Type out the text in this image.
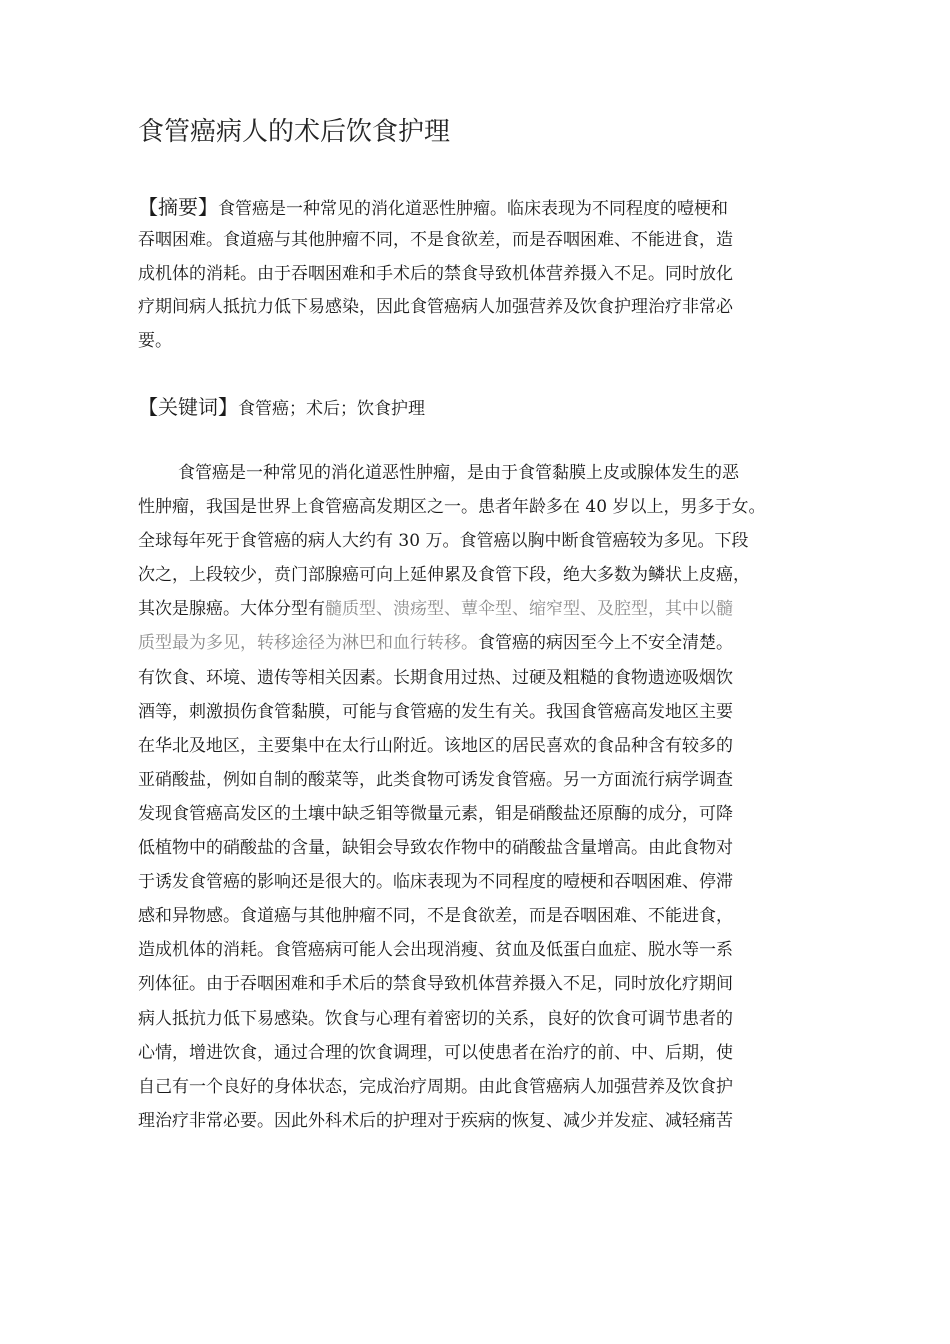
食管癌病人的术后饮食护理
【摘要】食管癌是一种常见的消化道恶性肿瘤。临床表现为不同程度的噎梗和
吞咽困难。食道癌与其他肿瘤不同，不是食欲差，而是吞咽困难、不能进食，造
成机体的消耗。由于吞咽困难和手术后的禁食导致机体营养摄入不足。同时放化
疗期间病人抵抗力低下易感染，因此食管癌病人加强营养及饮食护理治疗非常必
要。
【关键词】食管癌；术后；饮食护理
食管癌是一种常见的消化道恶性肿瘤，是由于食管黏膜上皮或腺体发生的恶
性肿瘤，我国是世界上食管癌高发期区之一。患者年龄多在 40 岁以上，男多于女。
全球每年死于食管癌的病人大约有 30 万。食管癌以胸中断食管癌较为多见。下段
次之，上段较少，贲门部腺癌可向上延伸累及食管下段，绝大多数为鳞状上皮癌，
其次是腺癌。大体分型有髓质型、溃疡型、蕈伞型、缩窄型、及腔型，其中以髓
质型最为多见，转移途径为淋巴和血行转移。食管癌的病因至今上不安全清楚。
有饮食、环境、遗传等相关因素。长期食用过热、过硬及粗糙的食物遗迹吸烟饮
酒等，刺激损伤食管黏膜，可能与食管癌的发生有关。我国食管癌高发地区主要
在华北及地区，主要集中在太行山附近。该地区的居民喜欢的食品种含有较多的
亚硝酸盐，例如自制的酸菜等，此类食物可诱发食管癌。另一方面流行病学调查
发现食管癌高发区的土壤中缺乏钼等微量元素，钼是硝酸盐还原酶的成分，可降
低植物中的硝酸盐的含量，缺钼会导致农作物中的硝酸盐含量增高。由此食物对
于诱发食管癌的影响还是很大的。临床表现为不同程度的噎梗和吞咽困难、停滞
感和异物感。食道癌与其他肿瘤不同，不是食欲差，而是吞咽困难、不能进食，
造成机体的消耗。食管癌病可能人会出现消瘦、贫血及低蛋白血症、脱水等一系
列体征。由于吞咽困难和手术后的禁食导致机体营养摄入不足，同时放化疗期间
病人抵抗力低下易感染。饮食与心理有着密切的关系，良好的饮食可调节患者的
心情，增进饮食，通过合理的饮食调理，可以使患者在治疗的前、中、后期，使
自己有一个良好的身体状态，完成治疗周期。由此食管癌病人加强营养及饮食护
理治疗非常必要。因此外科术后的护理对于疾病的恢复、减少并发症、减轻痛苦
